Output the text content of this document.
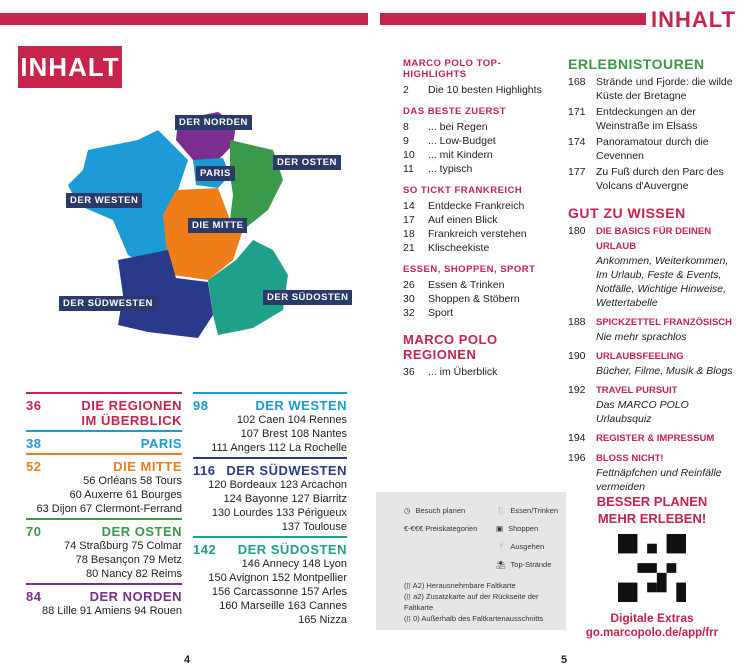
INHALT
INHALT
DER NORDEN
DER OSTEN
PARIS
DER WESTEN
DIE MITTE
DER SÜDWESTEN
DER SÜDOSTEN
MARCO POLO TOP-HIGHLIGHTS
2	Die 10 besten Highlights
DAS BESTE ZUERST
8	... bei Regen
9	... Low-Budget
10	... mit Kindern
11	... typisch
SO TICKT FRANKREICH
14	Entdecke Frankreich
17	Auf einen Blick
18	Frankreich verstehen
21	Klischeekiste
ESSEN, SHOPPEN, SPORT
26	Essen & Trinken
30	Shoppen & Stöbern
32	Sport
MARCO POLO REGIONEN
36	... im Überblick
ERLEBNISTOUREN
168 Strände und Fjorde: die wilde Küste der Bretagne
171 Entdeckungen an der Weinstraße im Elsass
174 Panoramatour durch die Cevennen
177 Zu Fuß durch den Parc des Volcans d'Auvergne
GUT ZU WISSEN
180	DIE BASICS FÜR DEINEN URLAUB
Ankommen, Weiterkommen, Im Urlaub, Feste & Events, Notfälle, Wichtige Hinweise, Wettertabelle
188	SPICKZETTEL FRANZÖSISCH
Nie mehr sprachlos
190	URLAUBSFEELING
Bücher, Filme, Musik & Blogs
192	TRAVEL PURSUIT
Das MARCO POLO Urlaubsquiz
194	REGISTER & IMPRESSUM
196	BLOSS NICHT!
Fettnäpfchen und Reinfälle vermeiden
36	DIE REGIONEN IM ÜBERBLICK
38	PARIS
52	DIE MITTE
56 Orléans 58 Tours
60 Auxerre 61 Bourges
63 Dijon 67 Clermont-Ferrand
70	DER OSTEN
74 Straßburg 75 Colmar
78 Besançon 79 Metz
80 Nancy 82 Reims
84	DER NORDEN
88 Lille 91 Amiens 94 Rouen
98	DER WESTEN
102 Caen 104 Rennes
107 Brest 108 Nantes
111 Angers 112 La Rochelle
116 DER SÜDWESTEN
120 Bordeaux 123 Arcachon
124 Bayonne 127 Biarritz
130 Lourdes 133 Périgueux
137 Toulouse
142 DER SÜDOSTEN
146 Annecy 148 Lyon
150 Avignon 152 Montpellier
156 Carcassonne 157 Arles
160 Marseille 163 Cannes
165 Nizza
◷ Besuch planen
€-€€€ Preiskategorien
🍴 Essen/Trinken
▣ Shoppen
🍸 Ausgehen
⛱ Top-Strände
(⌷ A2) Herausnehmbare Faltkarte
(⌷ a2) Zusatzkarte auf der Rückseite der Faltkarte
(⌷ 0) Außerhalb des Faltkartenausschnitts
BESSER PLANEN
MEHR ERLEBEN!
Digitale Extras
go.marcopolo.de/app/frr
4	5
